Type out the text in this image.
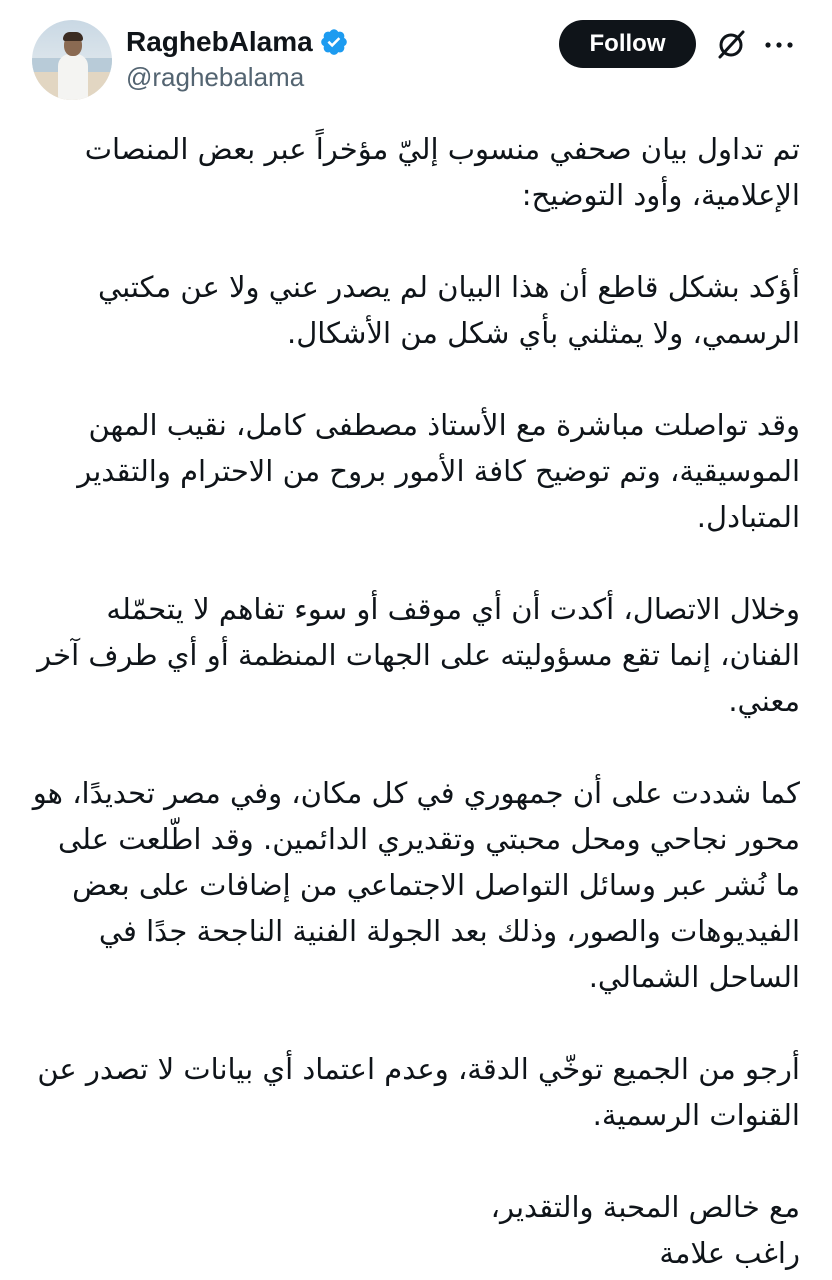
RaghebAlama
@raghebalama
Follow

تم تداول بيان صحفي منسوب إليّ مؤخراً عبر بعض المنصات الإعلامية، وأود التوضيح:

أؤكد بشكل قاطع أن هذا البيان لم يصدر عني ولا عن مكتبي الرسمي، ولا يمثلني بأي شكل من الأشكال.

وقد تواصلت مباشرة مع الأستاذ مصطفى كامل، نقيب المهن الموسيقية، وتم توضيح كافة الأمور بروح من الاحترام والتقدير المتبادل.

وخلال الاتصال، أكدت أن أي موقف أو سوء تفاهم لا يتحمّله الفنان، إنما تقع مسؤوليته على الجهات المنظمة أو أي طرف آخر معني.

كما شددت على أن جمهوري في كل مكان، وفي مصر تحديدًا، هو محور نجاحي ومحل محبتي وتقديري الدائمين. وقد اطّلعت على ما نُشر عبر وسائل التواصل الاجتماعي من إضافات على بعض الفيديوهات والصور، وذلك بعد الجولة الفنية الناجحة جدًا في الساحل الشمالي.

أرجو من الجميع توخّي الدقة، وعدم اعتماد أي بيانات لا تصدر عن القنوات الرسمية.

مع خالص المحبة والتقدير،

راغب علامة
